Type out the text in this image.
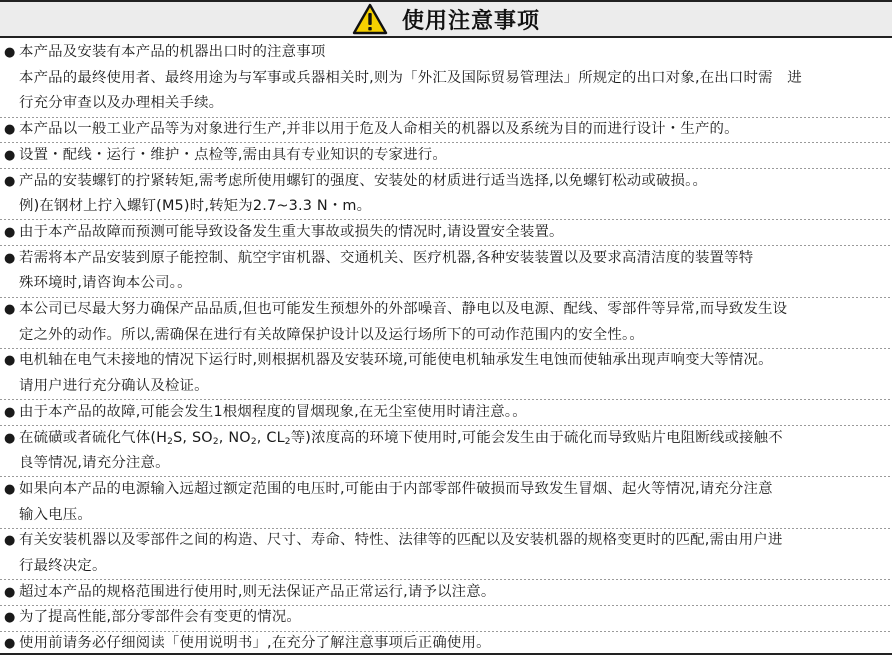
使用注意事项
● 本产品及安装有本产品的机器出口时的注意事项
本产品的最终使用者、最终用途为与军事或兵器相关时,则为「外汇及国际贸易管理法」所规定的出口对象,在出口时需　进
行充分审查以及办理相关手续。
● 本产品以一般工业产品等为对象进行生产,并非以用于危及人命相关的机器以及系统为目的而进行设计・生产的。
● 设置・配线・运行・维护・点检等,需由具有专业知识的专家进行。
● 产品的安装螺钉的拧紧转矩,需考虑所使用螺钉的强度、安装处的材质进行适当选择,以免螺钉松动或破损。。
例)在钢材上拧入螺钉(M5)时,转矩为2.7~3.3 N・m。
● 由于本产品故障而预测可能导致设备发生重大事故或损失的情况时,请设置安全装置。
● 若需将本产品安装到原子能控制、航空宇宙机器、交通机关、医疗机器,各种安装装置以及要求高清洁度的装置等特
殊环境时,请咨询本公司。。
● 本公司已尽最大努力确保产品品质,但也可能发生预想外的外部噪音、静电以及电源、配线、零部件等异常,而导致发生设
定之外的动作。所以,需确保在进行有关故障保护设计以及运行场所下的可动作范围内的安全性。。
● 电机轴在电气未接地的情况下运行时,则根据机器及安装环境,可能使电机轴承发生电蚀而使轴承出现声响变大等情况。
请用户进行充分确认及检证。
● 由于本产品的故障,可能会发生1根烟程度的冒烟现象,在无尘室使用时请注意。。
● 在硫磺或者硫化气体($H_2S$, $SO_2$, $NO_2$, $CL_2$等)浓度高的环境下使用时,可能会发生由于硫化而导致贴片电阻断线或接触不
良等情况,请充分注意。
● 如果向本产品的电源输入远超过额定范围的电压时,可能由于内部零部件破损而导致发生冒烟、起火等情况,请充分注意
输入电压。
● 有关安装机器以及零部件之间的构造、尺寸、寿命、特性、法律等的匹配以及安装机器的规格变更时的匹配,需由用户进
行最终决定。
● 超过本产品的规格范围进行使用时,则无法保证产品正常运行,请予以注意。
● 为了提高性能,部分零部件会有变更的情况。
● 使用前请务必仔细阅读「使用说明书」,在充分了解注意事项后正确使用。
